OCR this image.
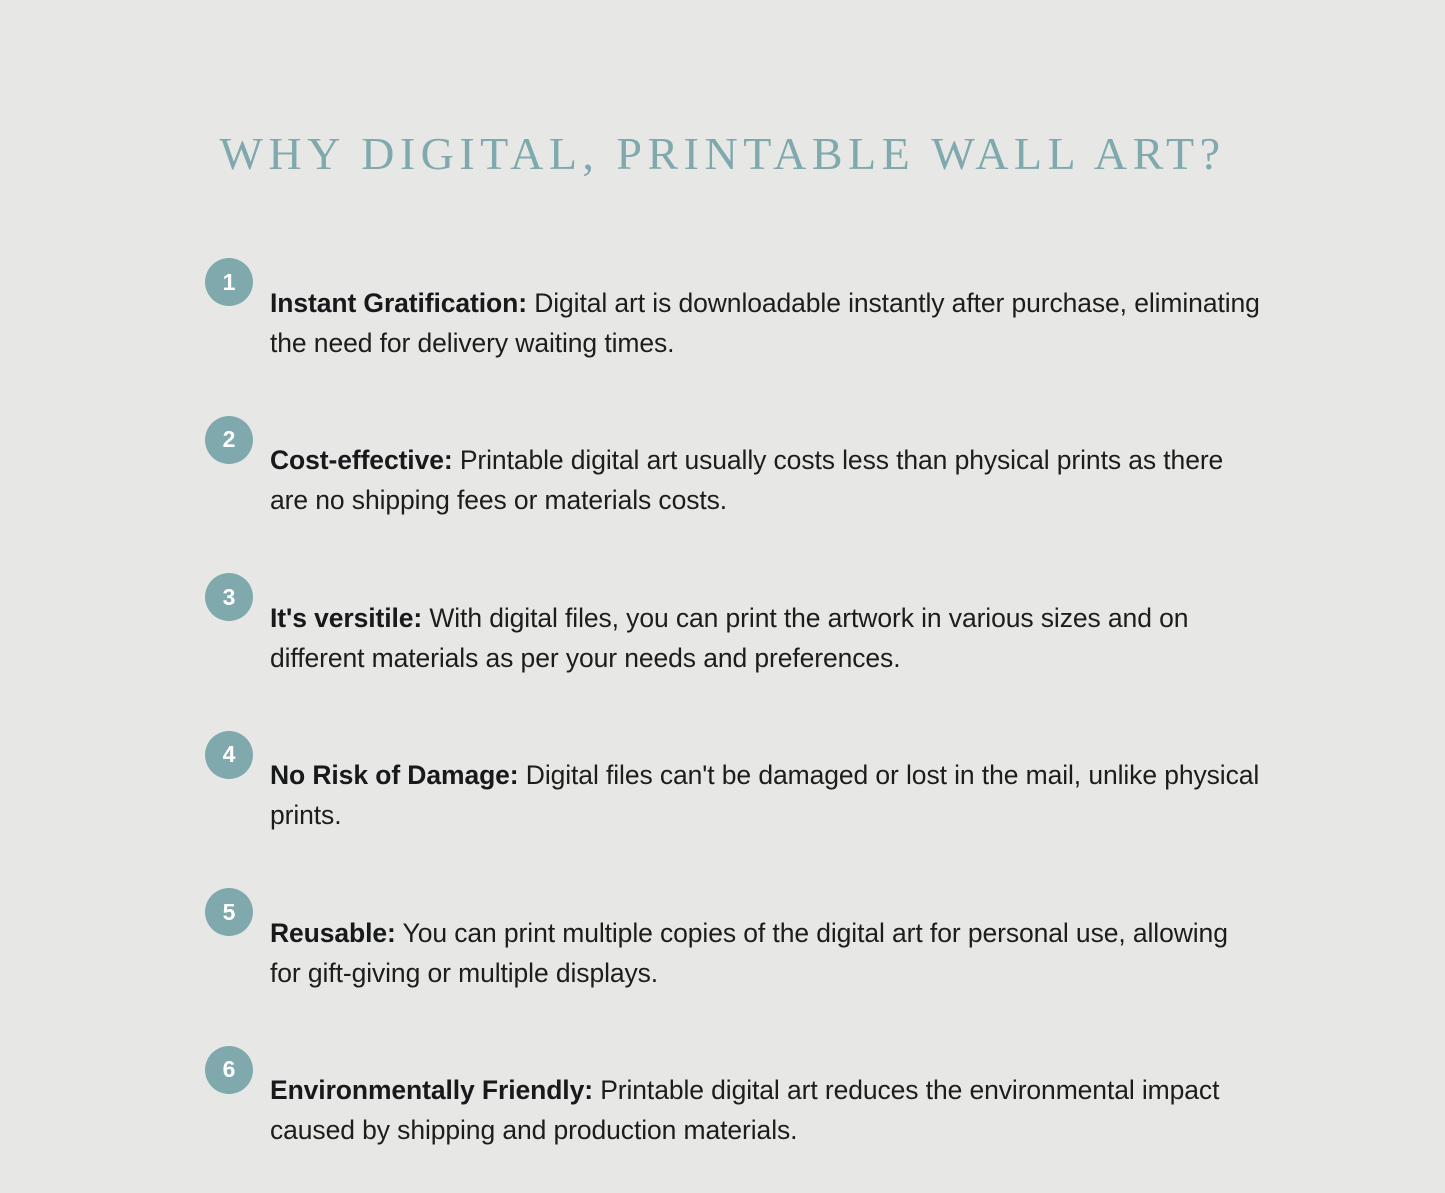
WHY DIGITAL, PRINTABLE WALL ART?
1

Instant Gratification: Digital art is downloadable instantly after purchase, eliminating the need for delivery waiting times.

2

Cost-effective: Printable digital art usually costs less than physical prints as there are no shipping fees or materials costs.

3

It's versitile: With digital files, you can print the artwork in various sizes and on different materials as per your needs and preferences.

4

No Risk of Damage: Digital files can't be damaged or lost in the mail, unlike physical prints.

5

Reusable: You can print multiple copies of the digital art for personal use, allowing for gift-giving or multiple displays.

6

Environmentally Friendly: Printable digital art reduces the environmental impact caused by shipping and production materials.
